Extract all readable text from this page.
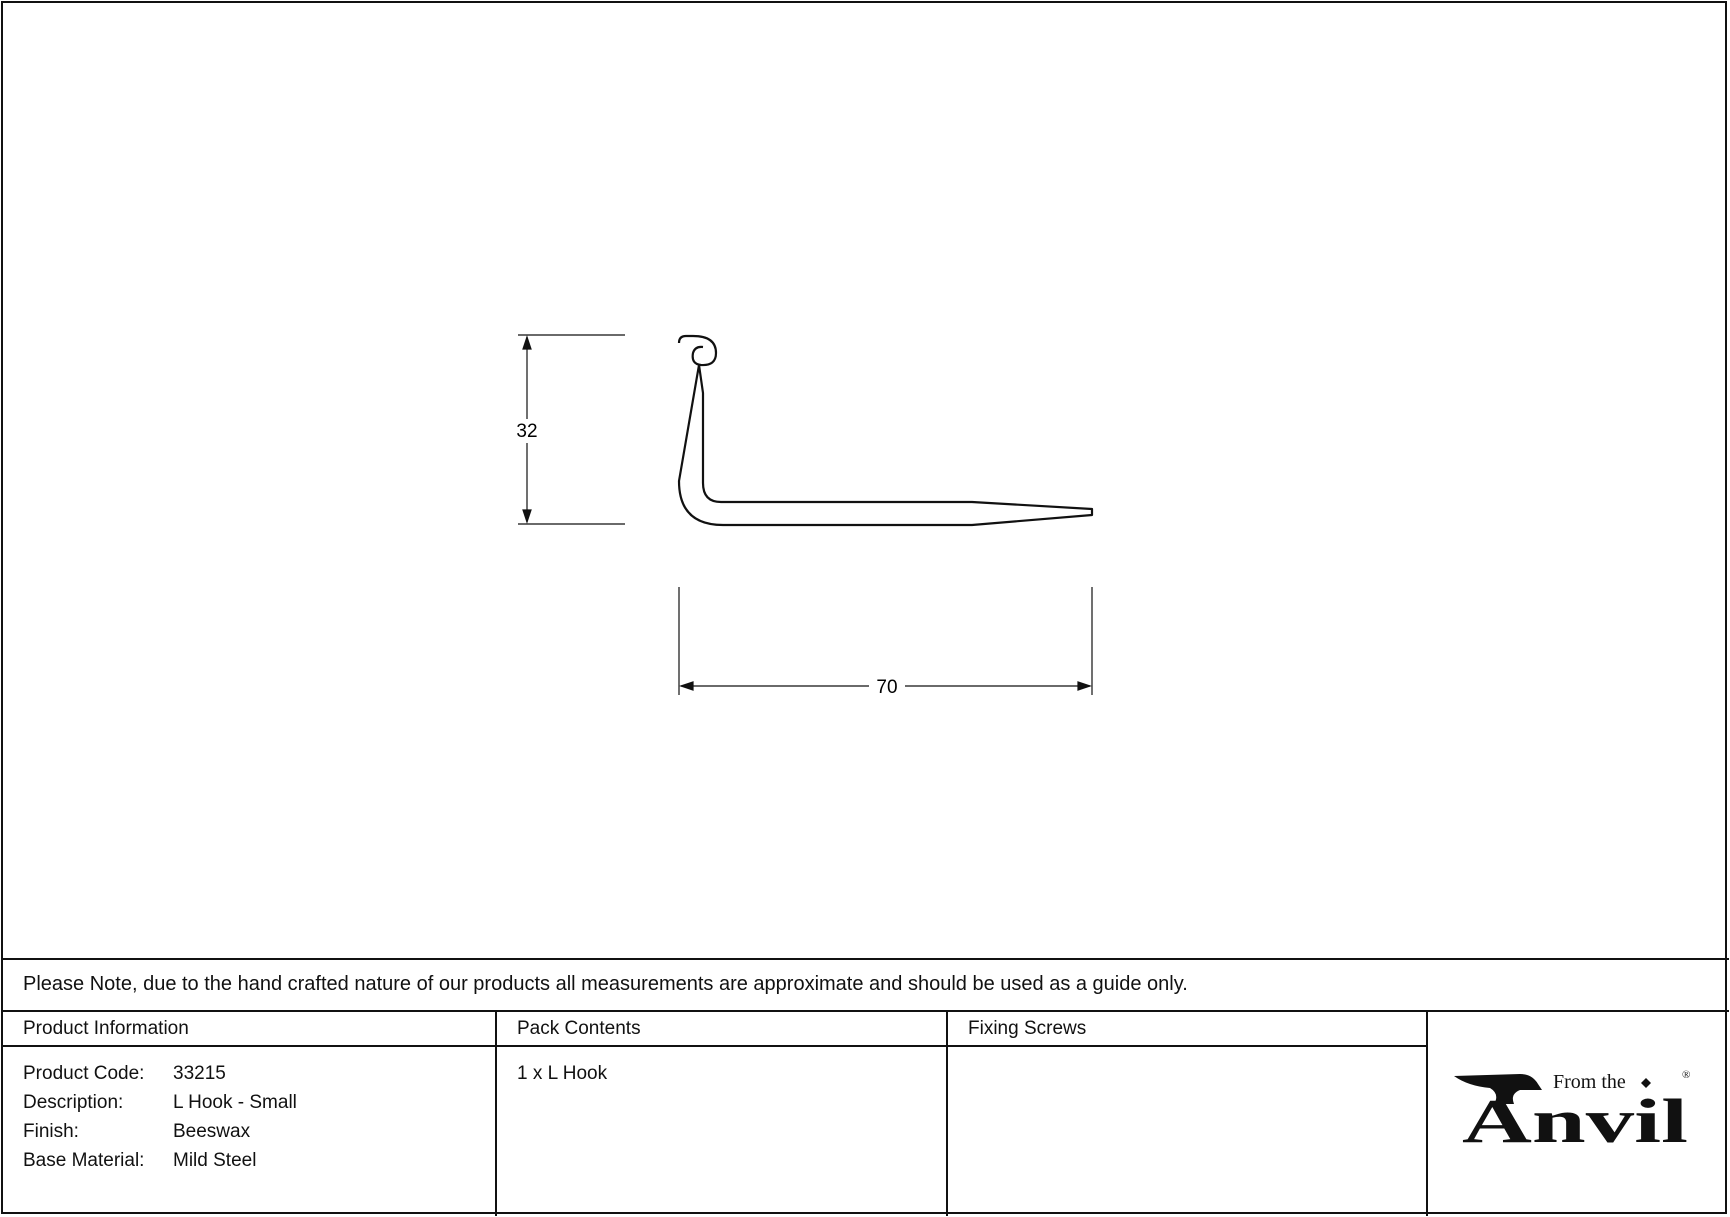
32
70
Please Note, due to the hand crafted nature of our products all measurements are approximate and should be used as a guide only.
Product Information
Product Code: 33215
Description:	L Hook - Small
Finish:	Beeswax
Base Material: Mild Steel
Pack Contents
1 x L Hook
Fixing Screws
From the	®
Anvil
